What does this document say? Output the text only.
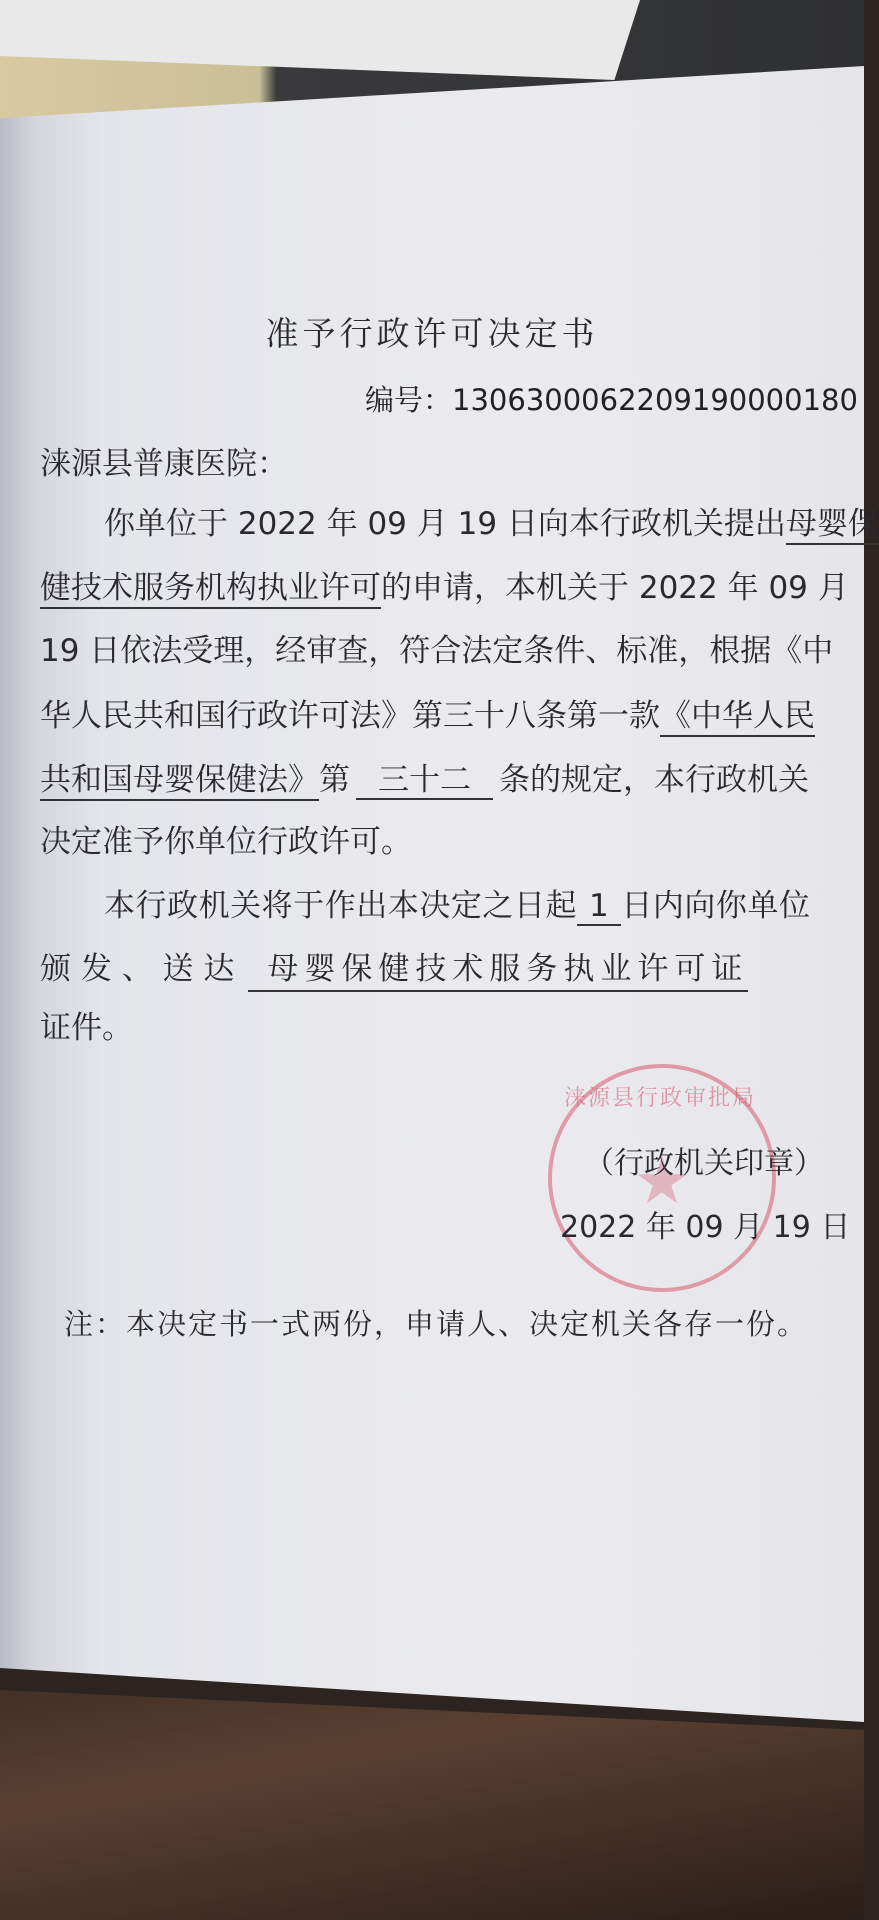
准予行政许可决定书
编号：13063000622091900001​80
涞源县普康医院：
你单位于 2022 年 09 月 19 日向本行政机关提出母婴保
健技术服务机构执业许可的申请，本机关于 2022 年 09 月
19 日依法受理，经审查，符合法定条件、标准，根据《中
华人民共和国行政许可法》第三十八条第一款《中华人民
共和国母婴保健法》第 三十二 条的规定，本行政机关
决定准予你单位行政许可。
本行政机关将于作出本决定之日起 1 日内向你单位
颁 发 、 送 达 母婴保健技术服务执业许可证
证件。
涞源县行政审批局
（行政机关印章）
2022 年 09 月 19 日
注：本决定书一式两份，申请人、决定机关各存一份。
